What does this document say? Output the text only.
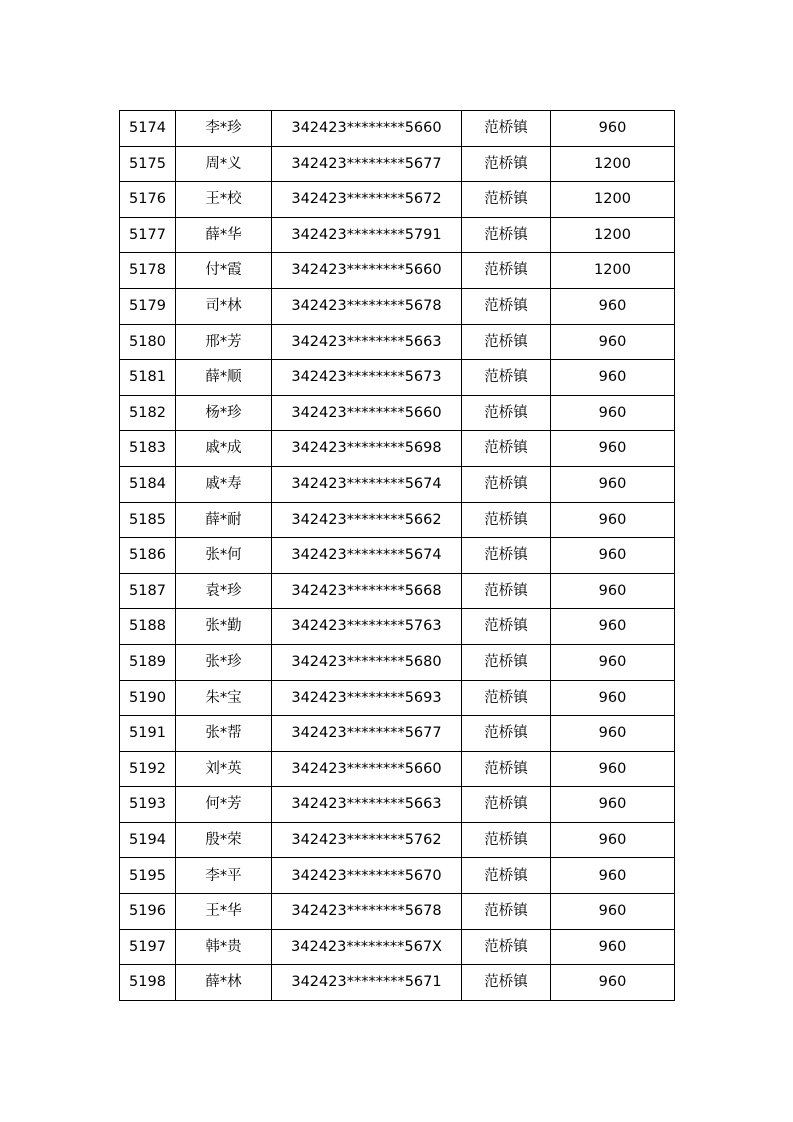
5174	李*珍	342423********5660	范桥镇	960
5175	周*义	342423********5677	范桥镇	1200
5176	王*校	342423********5672	范桥镇	1200
5177	薛*华	342423********5791	范桥镇	1200
5178	付*霞	342423********5660	范桥镇	1200
5179	司*林	342423********5678	范桥镇	960
5180	邢*芳	342423********5663	范桥镇	960
5181	薛*顺	342423********5673	范桥镇	960
5182	杨*珍	342423********5660	范桥镇	960
5183	戚*成	342423********5698	范桥镇	960
5184	戚*寿	342423********5674	范桥镇	960
5185	薛*耐	342423********5662	范桥镇	960
5186	张*何	342423********5674	范桥镇	960
5187	袁*珍	342423********5668	范桥镇	960
5188	张*勤	342423********5763	范桥镇	960
5189	张*珍	342423********5680	范桥镇	960
5190	朱*宝	342423********5693	范桥镇	960
5191	张*帮	342423********5677	范桥镇	960
5192	刘*英	342423********5660	范桥镇	960
5193	何*芳	342423********5663	范桥镇	960
5194	殷*荣	342423********5762	范桥镇	960
5195	李*平	342423********5670	范桥镇	960
5196	王*华	342423********5678	范桥镇	960
5197	韩*贵	342423********567X	范桥镇	960
5198	薛*林	342423********5671	范桥镇	960
